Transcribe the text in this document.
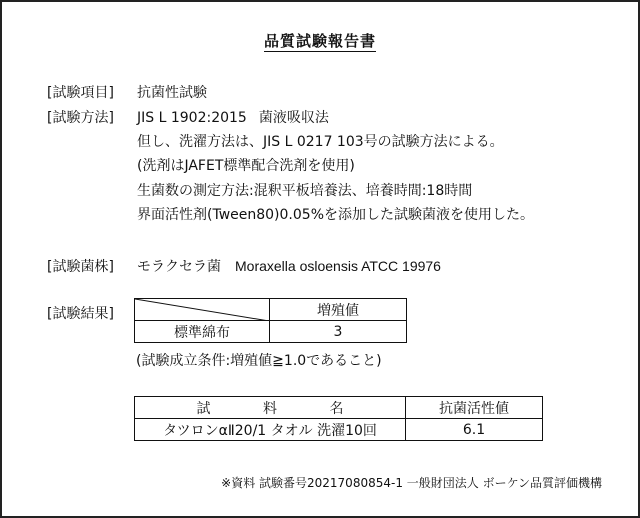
品質試験報告書
[試験項目] 抗菌性試験
[試験方法] JIS L 1902:2015 菌液吸収法
但し、洗濯方法は、JIS L 0217 103号の試験方法による。
(洗剤はJAFET標準配合洗剤を使用)
生菌数の測定方法:混釈平板培養法、培養時間:18時間
界面活性剤(Tween80)0.05%を添加した試験菌液を使用した。
[試験菌株] モラクセラ菌 Moraxella osloensis ATCC 19976
[試験結果]
		増殖値
標準綿布	3
(試験成立条件:増殖値≧1.0であること)
試 料 名	抗菌活性値
タツロンαⅡ20/1 タオル 洗濯10回	6.1
※資料 試験番号20217080854-1 一般財団法人 ボーケン品質評価機構
